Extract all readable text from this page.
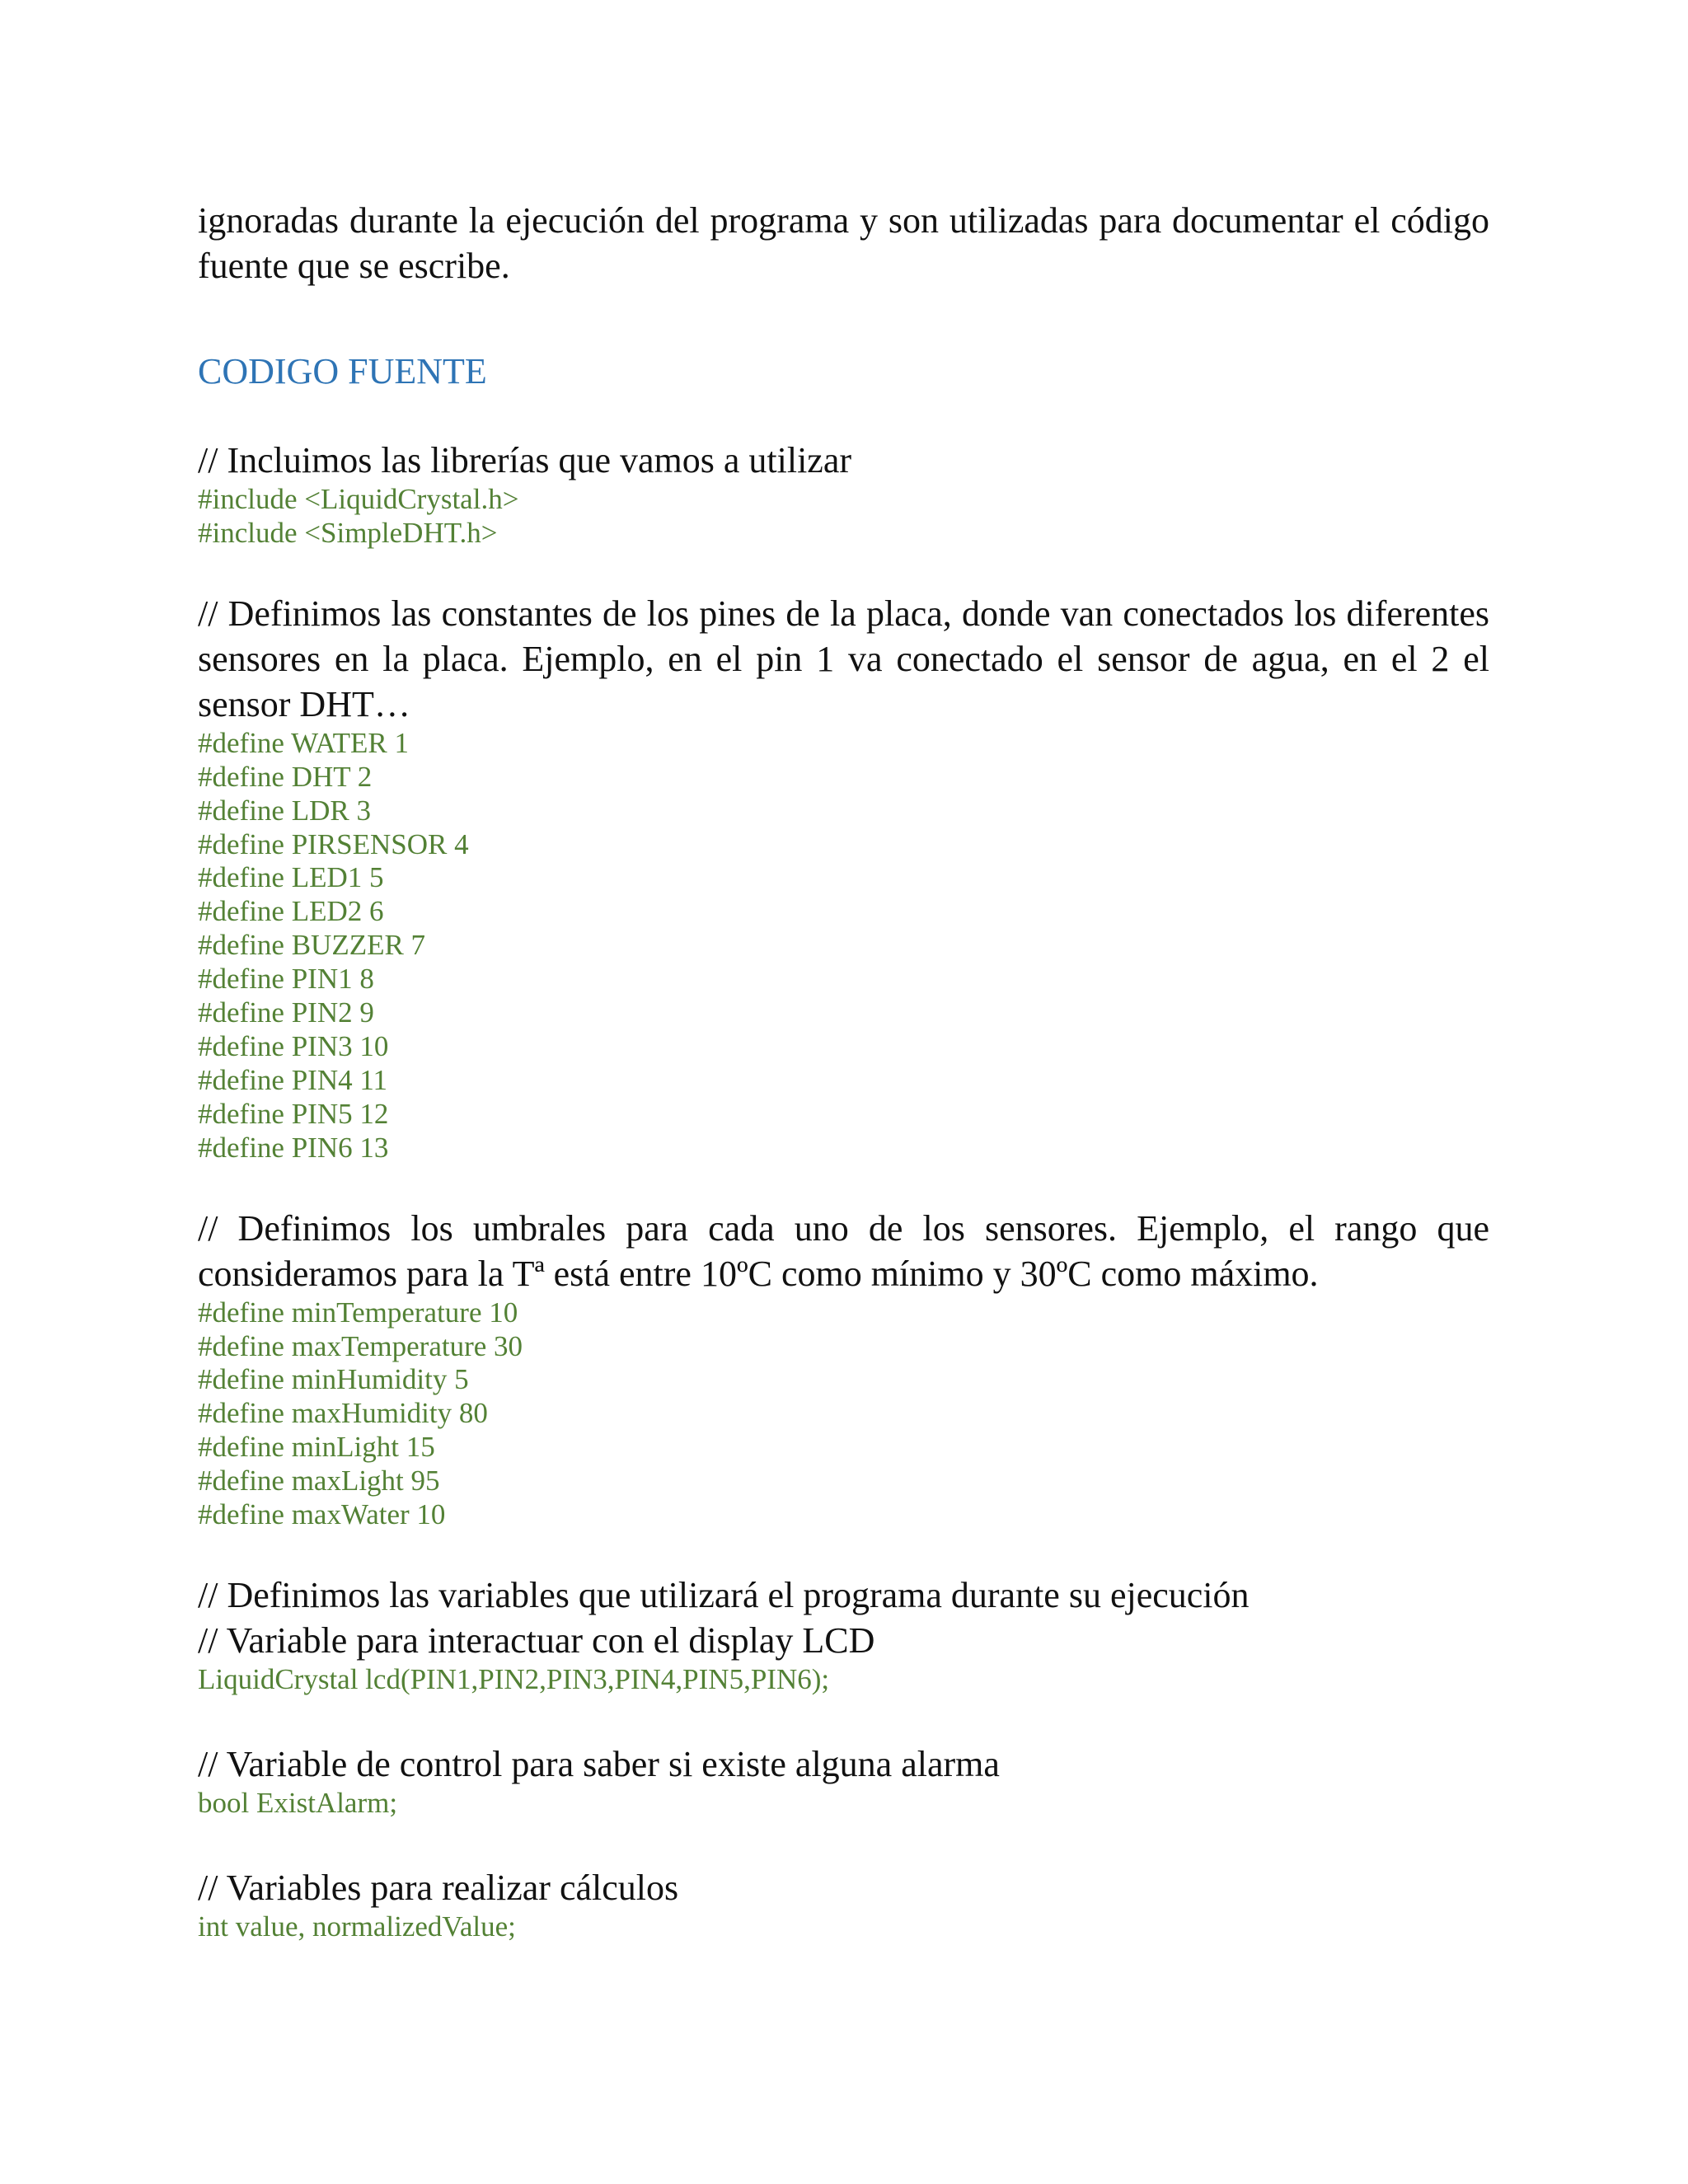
ignoradas durante la ejecución del programa y son utilizadas para documentar el código fuente que se escribe.

CODIGO FUENTE

// Incluimos las librerías que vamos a utilizar

#include <LiquidCrystal.h>

#include <SimpleDHT.h>

// Definimos las constantes de los pines de la placa, donde van conectados los diferentes sensores en la placa. Ejemplo, en el pin 1 va conectado el sensor de agua, en el 2 el sensor DHT…

#define WATER 1

#define DHT 2

#define LDR 3

#define PIRSENSOR 4

#define LED1 5

#define LED2 6

#define BUZZER 7

#define PIN1 8

#define PIN2 9

#define PIN3 10

#define PIN4 11

#define PIN5 12

#define PIN6 13

// Definimos los umbrales para cada uno de los sensores. Ejemplo, el rango que consideramos para la Tª está entre 10ºC como mínimo y 30ºC como máximo.

#define minTemperature 10

#define maxTemperature 30

#define minHumidity 5

#define maxHumidity 80

#define minLight 15

#define maxLight 95

#define maxWater 10

// Definimos las variables que utilizará el programa durante su ejecución

// Variable para interactuar con el display LCD

LiquidCrystal lcd(PIN1,PIN2,PIN3,PIN4,PIN5,PIN6);

// Variable de control para saber si existe alguna alarma

bool ExistAlarm;

// Variables para realizar cálculos

int value, normalizedValue;
